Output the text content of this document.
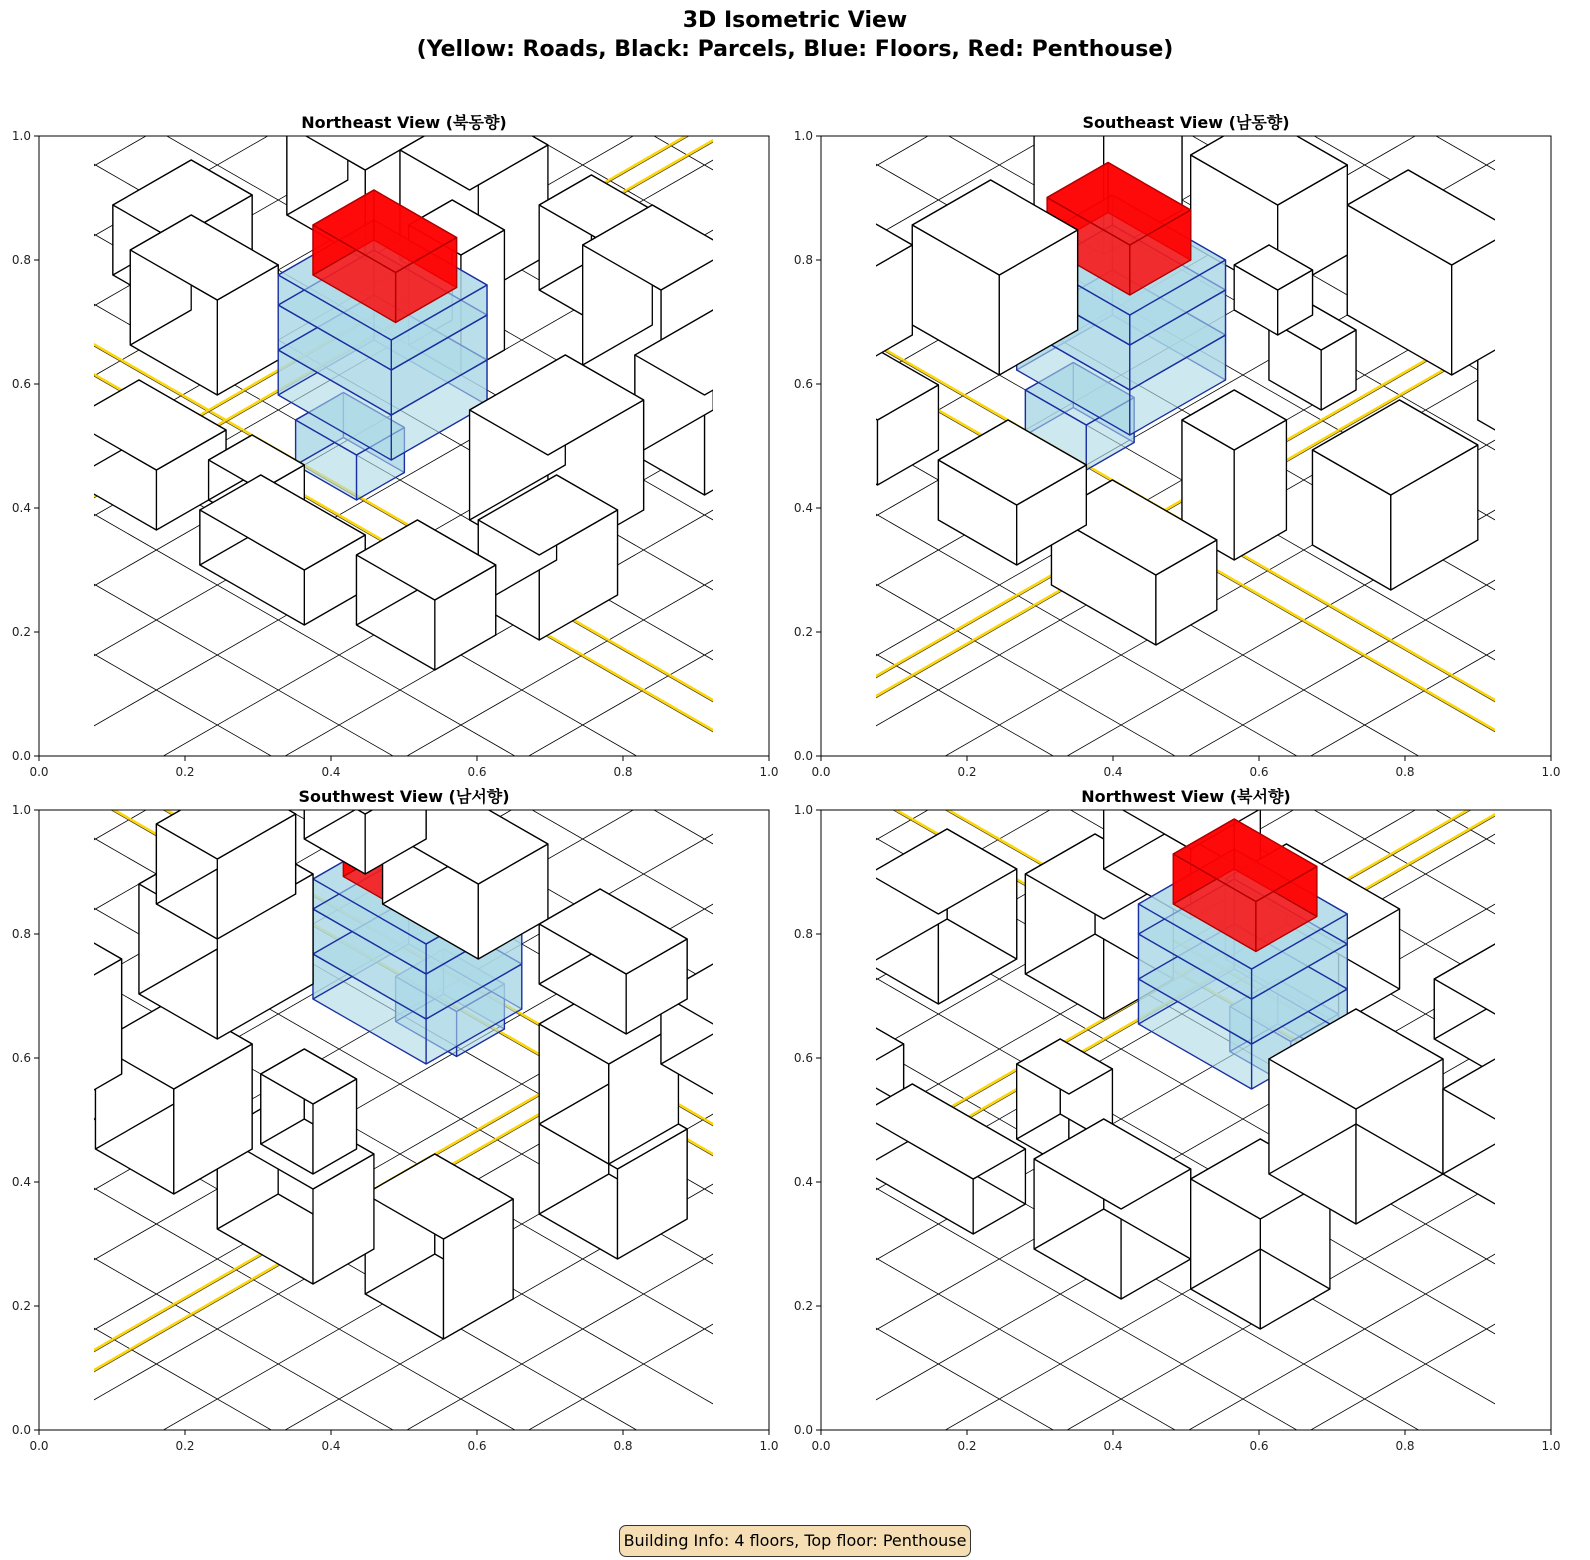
3D Isometric View
(Yellow: Roads, Black: Parcels, Blue: Floors, Red: Penthouse)
Northeast View (북동향)
0.0	0.2	0.4	0.6	0.8	1.0
0.0
0.2
0.4
0.6
0.8
1.0
Southeast View (남동향)
0.0	0.2	0.4	0.6	0.8	1.0
0.0
0.2
0.4
0.6
0.8
1.0
Southwest View (남서향)
0.0	0.2	0.4	0.6	0.8	1.0
0.0
0.2
0.4
0.6
0.8
1.0
Northwest View (북서향)
0.0	0.2	0.4	0.6	0.8	1.0
0.0
0.2
0.4
0.6
0.8
1.0
Building Info: 4 floors, Top floor: Penthouse
